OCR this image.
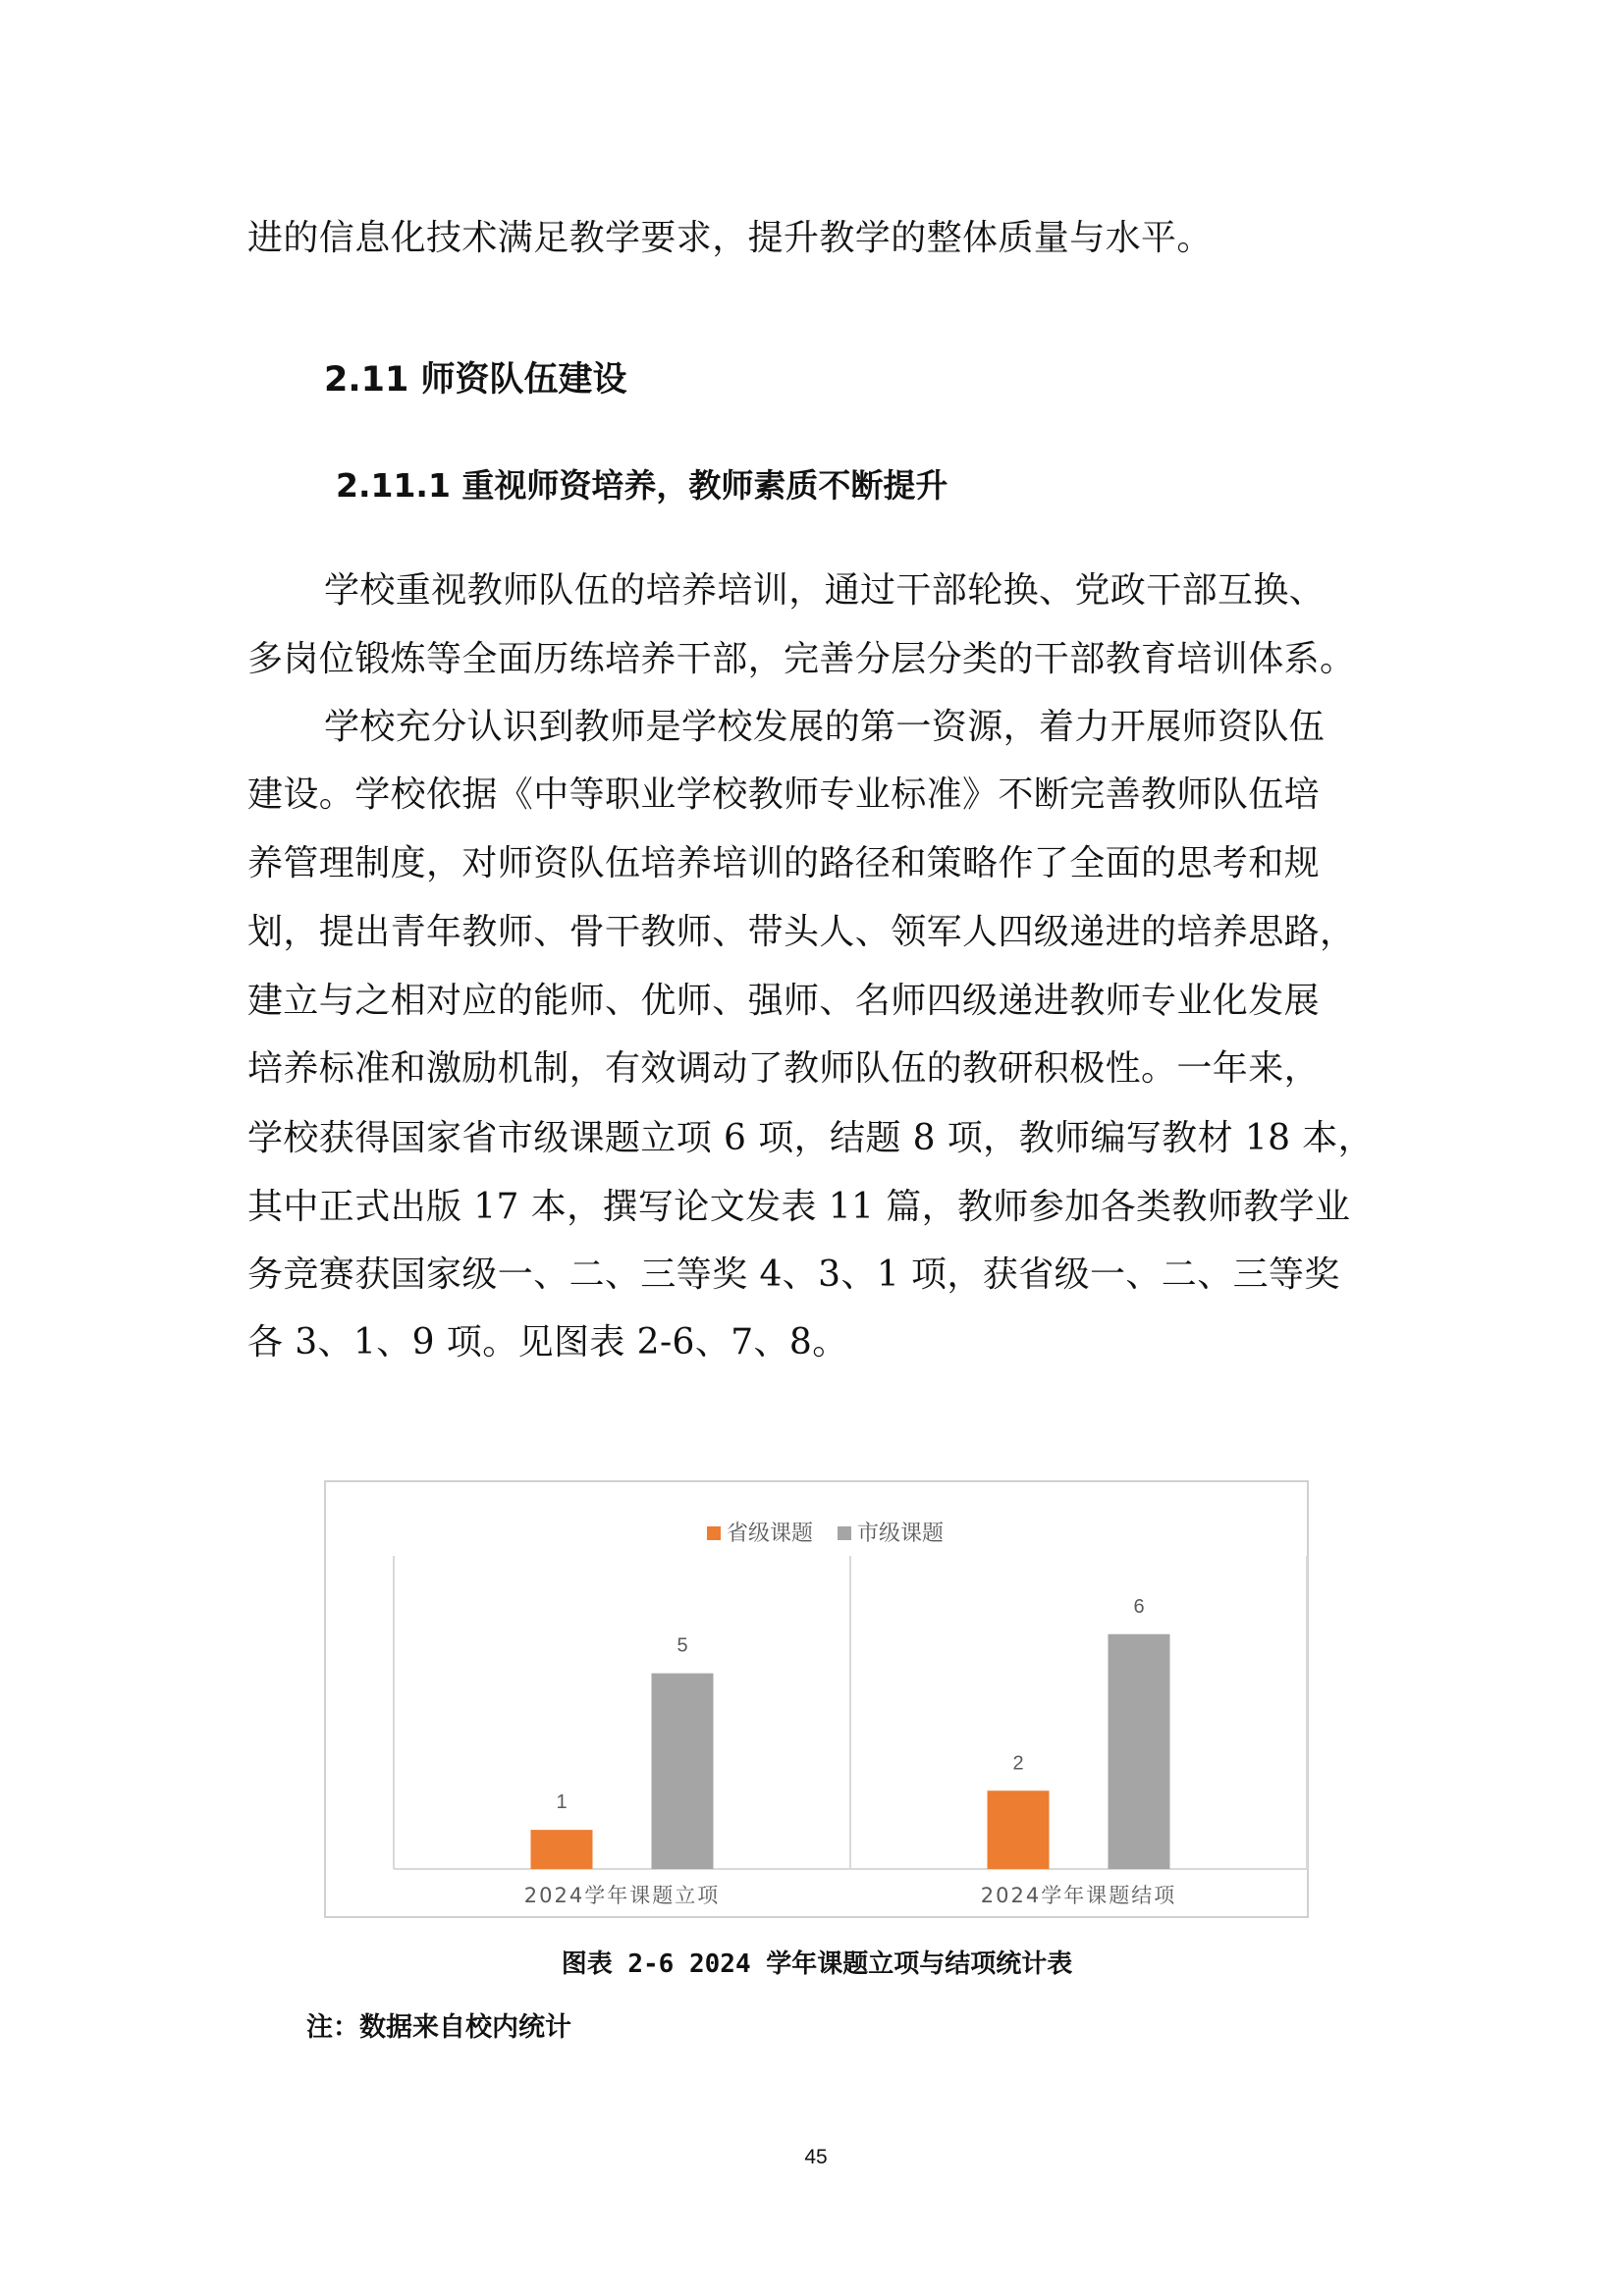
进的信息化技术满足教学要求，提升教学的整体质量与水平。
2.11 师资队伍建设
2.11.1 重视师资培养，教师素质不断提升
学校重视教师队伍的培养培训，通过干部轮换、党政干部互换、
多岗位锻炼等全面历练培养干部，完善分层分类的干部教育培训体系。
学校充分认识到教师是学校发展的第一资源，着力开展师资队伍
建设。学校依据《中等职业学校教师专业标准》不断完善教师队伍培
养管理制度，对师资队伍培养培训的路径和策略作了全面的思考和规
划，提出青年教师、骨干教师、带头人、领军人四级递进的培养思路，
建立与之相对应的能师、优师、强师、名师四级递进教师专业化发展
培养标准和激励机制，有效调动了教师队伍的教研积极性。一年来，
学校获得国家省市级课题立项 6 项，结题 8 项，教师编写教材 18 本，
其中正式出版 17 本，撰写论文发表 11 篇，教师参加各类教师教学业
务竞赛获国家级一、二、三等奖 4、3、1 项，获省级一、二、三等奖
各 3、1、9 项。见图表 2-6、7、8。
1
5
2024学年课题立项
2
6
2024学年课题结项
省级课题 市级课题
图表 2-6 2024 学年课题立项与结项统计表
注：数据来自校内统计
45
